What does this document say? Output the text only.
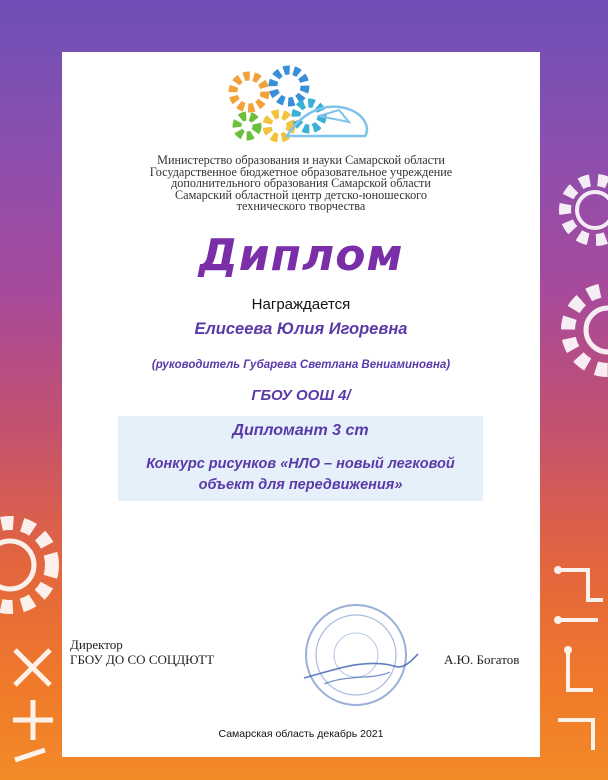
Министерство образования и науки Самарской области
Государственное бюджетное образовательное учреждение
дополнительного образования Самарской области
Самарский областной центр детско-юношеского
технического творчества
Диплом
Награждается
Елисеева Юлия Игоревна
(руководитель Губарева Светлана Вениаминовна)
ГБОУ ООШ 4/
Дипломант 3 ст
Конкурс рисунков «НЛО – новый легковой
объект для передвижения»
Директор
ГБОУ ДО СО СОЦДЮТТ	А.Ю. Богатов
Самарская область декабрь 2021
